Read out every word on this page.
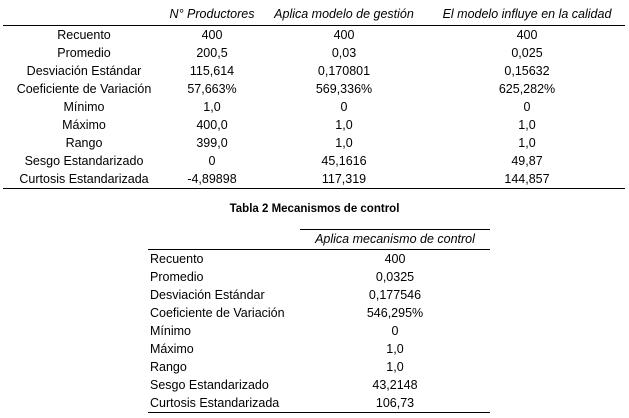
	N° Productores	Aplica modelo de gestión	El modelo influye en la calidad
Recuento	400	400	400
Promedio	200,5	0,03	0,025
Desviación Estándar	115,614	0,170801	0,15632
Coeficiente de Variación	57,663%	569,336%	625,282%
Mínimo	1,0	0	0
Máximo	400,0	1,0	1,0
Rango	399,0	1,0	1,0
Sesgo Estandarizado	0	45,1616	49,87
Curtosis Estandarizada	-4,89898	117,319	144,857
Tabla 2 Mecanismos de control
	Aplica mecanismo de control
Recuento	400
Promedio	0,0325
Desviación Estándar	0,177546
Coeficiente de Variación	546,295%
Mínimo	0
Máximo	1,0
Rango	1,0
Sesgo Estandarizado	43,2148
Curtosis Estandarizada	106,73
